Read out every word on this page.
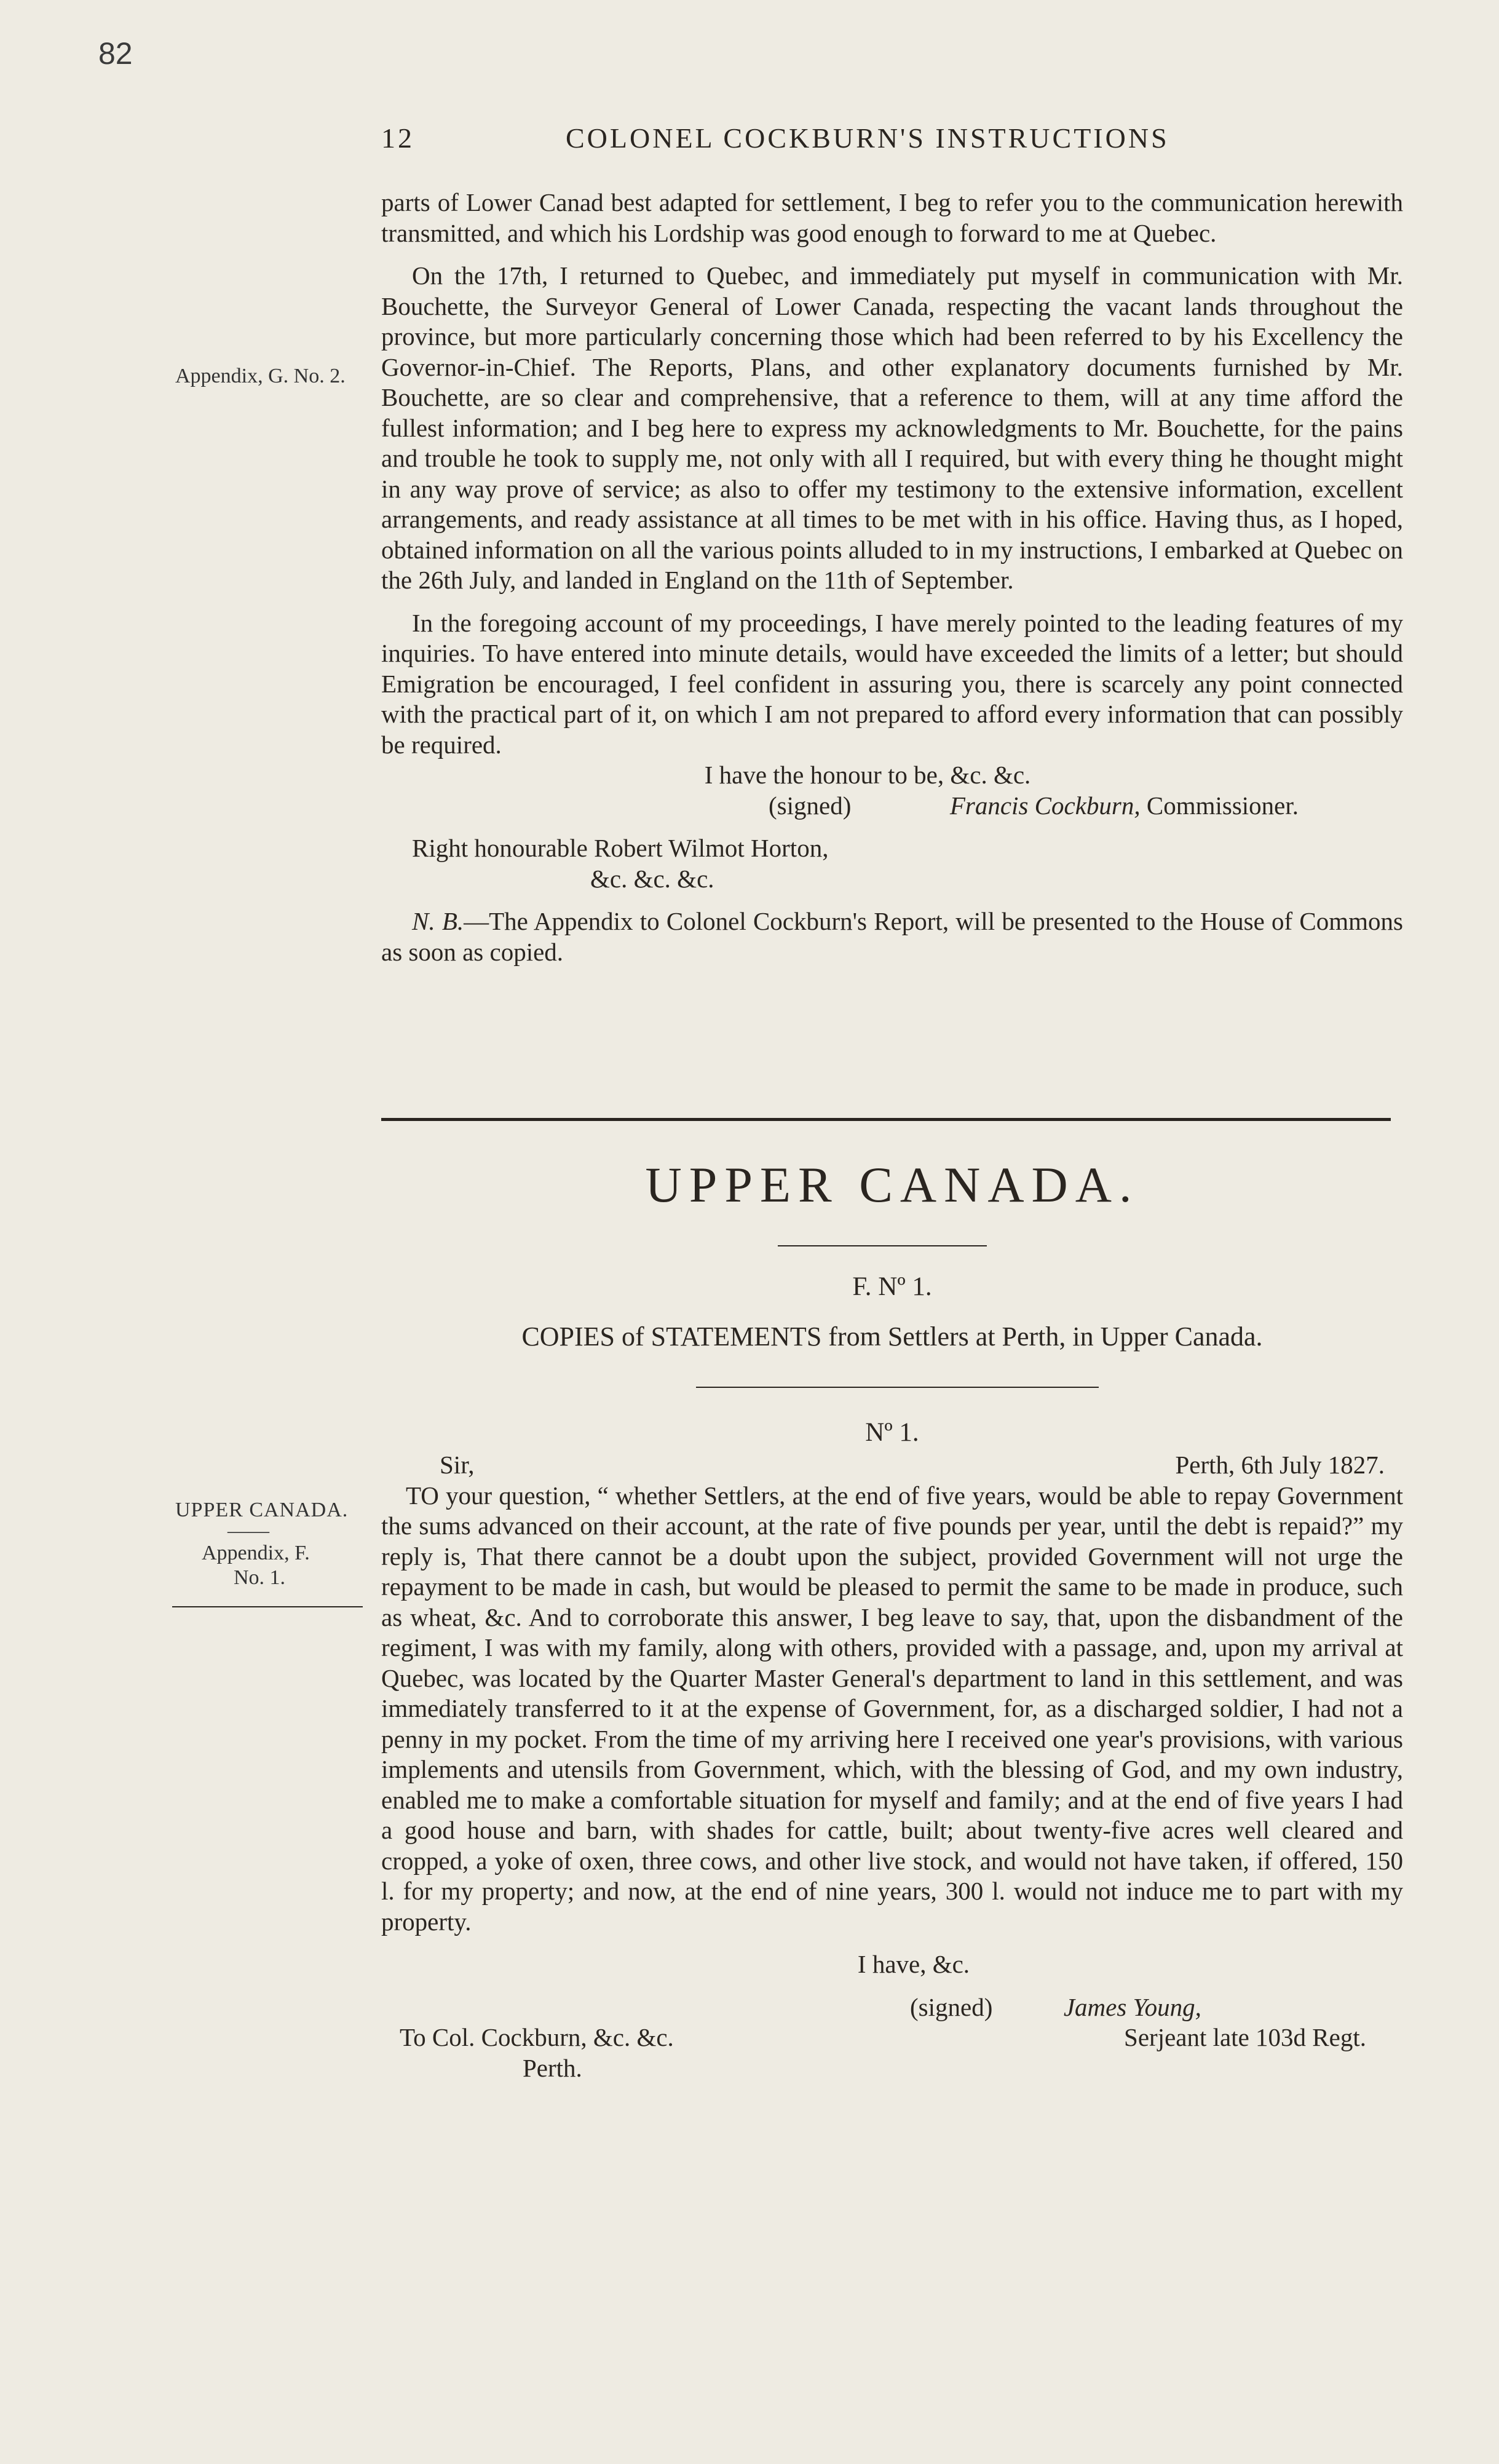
82
12	COLONEL COCKBURN'S INSTRUCTIONS
Appendix, G. No. 2.
UPPER CANADA.
——
Appendix, F.
No. 1.

parts of Lower Canad best adapted for settlement, I beg to refer you to the communication herewith transmitted, and which his Lordship was good enough to forward to me at Quebec.

On the 17th, I returned to Quebec, and immediately put myself in communication with Mr. Bouchette, the Surveyor General of Lower Canada, respecting the vacant lands throughout the province, but more particularly concerning those which had been referred to by his Excellency the Governor-in-Chief. The Reports, Plans, and other explanatory documents furnished by Mr. Bouchette, are so clear and comprehensive, that a reference to them, will at any time afford the fullest information; and I beg here to express my acknowledgments to Mr. Bouchette, for the pains and trouble he took to supply me, not only with all I required, but with every thing he thought might in any way prove of service; as also to offer my testimony to the extensive information, excellent arrangements, and ready assistance at all times to be met with in his office. Having thus, as I hoped, obtained information on all the various points alluded to in my instructions, I embarked at Quebec on the 26th July, and landed in England on the 11th of September.

In the foregoing account of my proceedings, I have merely pointed to the leading features of my inquiries. To have entered into minute details, would have exceeded the limits of a letter; but should Emigration be encouraged, I feel confident in assuring you, there is scarcely any point connected with the practical part of it, on which I am not prepared to afford every information that can possibly be required.

I have the honour to be, &c. &c.

(signed)	Francis Cockburn, Commissioner.

Right honourable Robert Wilmot Horton,

&c. &c. &c.

N. B.—The Appendix to Colonel Cockburn's Report, will be presented to the House of Commons as soon as copied.

UPPER CANADA.
F. Nº 1.
COPIES of STATEMENTS from Settlers at Perth, in Upper Canada.
Nº 1.

Sir,	Perth, 6th July 1827.

TO your question, “ whether Settlers, at the end of five years, would be able to repay Government the sums advanced on their account, at the rate of five pounds per year, until the debt is repaid?” my reply is, That there cannot be a doubt upon the subject, provided Government will not urge the repayment to be made in cash, but would be pleased to permit the same to be made in produce, such as wheat, &c. And to corroborate this answer, I beg leave to say, that, upon the disbandment of the regiment, I was with my family, along with others, provided with a passage, and, upon my arrival at Quebec, was located by the Quarter Master General's department to land in this settlement, and was immediately transferred to it at the expense of Government, for, as a discharged soldier, I had not a penny in my pocket. From the time of my arriving here I received one year's provisions, with various implements and utensils from Government, which, with the blessing of God, and my own industry, enabled me to make a comfortable situation for myself and family; and at the end of five years I had a good house and barn, with shades for cattle, built; about twenty-five acres well cleared and cropped, a yoke of oxen, three cows, and other live stock, and would not have taken, if offered, 150 l. for my property; and now, at the end of nine years, 300 l. would not induce me to part with my property.

I have, &c.

(signed)	James Young,

To Col. Cockburn, &c. &c.	Serjeant late 103d Regt.

Perth.
